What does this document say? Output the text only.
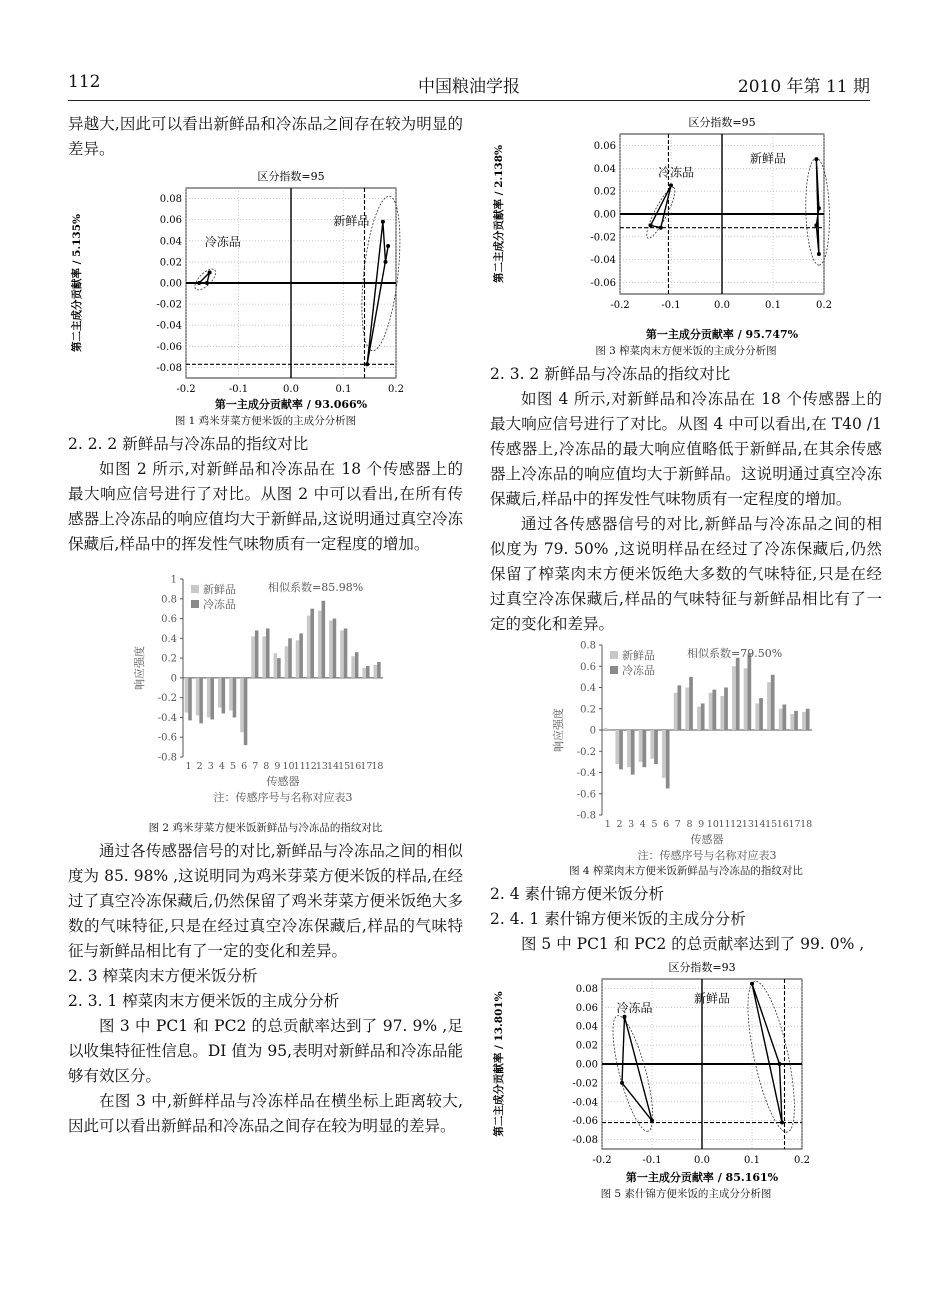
112	中国粮油学报	2010 年第 11 期

异越大,因此可以看出新鲜品和冷冻品之间存在较为明显的差异。

区分指数=95
0.08
0.06
0.04
0.02
0.00
-0.02
-0.04
-0.06
-0.08
-0.2	-0.1	0.0	0.1	0.2
冷冻品
新鲜品
第一主成分贡献率 / 93.066%
第二主成分贡献率 / 5.135%
图 1 鸡米芽菜方便米饭的主成分分析图

2. 2. 2 新鲜品与冷冻品的指纹对比

如图 2 所示,对新鲜品和冷冻品在 18 个传感器上的最大响应信号进行了对比。从图 2 中可以看出,在所有传感器上冷冻品的响应值均大于新鲜品,这说明通过真空冷冻保藏后,样品中的挥发性气味物质有一定程度的增加。

1
0.8
0.6
0.4
0.2
0
-0.2
-0.4
-0.6
-0.8
1 2 3 4 5 6 7 8 9 10 11 12 13 14 15 16 17 18
新鲜品
冷冻品
相似系数=85.98%
传感器
注：传感序号与名称对应表3
响应强度
图 2 鸡米芽菜方便米饭新鲜品与冷冻品的指纹对比

通过各传感器信号的对比,新鲜品与冷冻品之间的相似度为 85. 98% ,这说明同为鸡米芽菜方便米饭的样品,在经过了真空冷冻保藏后,仍然保留了鸡米芽菜方便米饭绝大多数的气味特征,只是在经过真空冷冻保藏后,样品的气味特征与新鲜品相比有了一定的变化和差异。

2. 3 榨菜肉末方便米饭分析

2. 3. 1 榨菜肉末方便米饭的主成分分析

图 3 中 PC1 和 PC2 的总贡献率达到了 97. 9% ,足以收集特征性信息。DI 值为 95,表明对新鲜品和冷冻品能够有效区分。

在图 3 中,新鲜样品与冷冻样品在横坐标上距离较大,因此可以看出新鲜品和冷冻品之间存在较为明显的差异。

区分指数=95
0.06
0.04
0.02
0.00
-0.02
-0.04
-0.06
-0.2	-0.1	0.0	0.1	0.2
冷冻品
新鲜品
第一主成分贡献率 / 95.747%
第二主成分贡献率 / 2.138%
图 3 榨菜肉末方便米饭的主成分分析图

2. 3. 2 新鲜品与冷冻品的指纹对比

如图 4 所示,对新鲜品和冷冻品在 18 个传感器上的最大响应信号进行了对比。从图 4 中可以看出,在 T40 /1 传感器上,冷冻品的最大响应值略低于新鲜品,在其余传感器上冷冻品的响应值均大于新鲜品。这说明通过真空冷冻保藏后,样品中的挥发性气味物质有一定程度的增加。

通过各传感器信号的对比,新鲜品与冷冻品之间的相似度为 79. 50% ,这说明样品在经过了冷冻保藏后,仍然保留了榨菜肉末方便米饭绝大多数的气味特征,只是在经过真空冷冻保藏后,样品的气味特征与新鲜品相比有了一定的变化和差异。

0.8
0.6
0.4
0.2
0
-0.2
-0.4
-0.6
-0.8
1 2 3 4 5 6 7 8 9 10 11 12 13 14 15 16 17 18
新鲜品
冷冻品
相似系数=79.50%
传感器
注：传感序号与名称对应表3
响应强度
图 4 榨菜肉末方便米饭新鲜品与冷冻品的指纹对比

2. 4 素什锦方便米饭分析

2. 4. 1 素什锦方便米饭的主成分分析

图 5 中 PC1 和 PC2 的总贡献率达到了 99. 0% ,

区分指数=93
0.08
0.06
0.04
0.02
0.00
-0.02
-0.04
-0.06
-0.08
-0.2	-0.1	0.0	0.1	0.2
冷冻品
新鲜品
第一主成分贡献率 / 85.161%
第二主成分贡献率 / 13.801%
图 5 素什锦方便米饭的主成分分析图
